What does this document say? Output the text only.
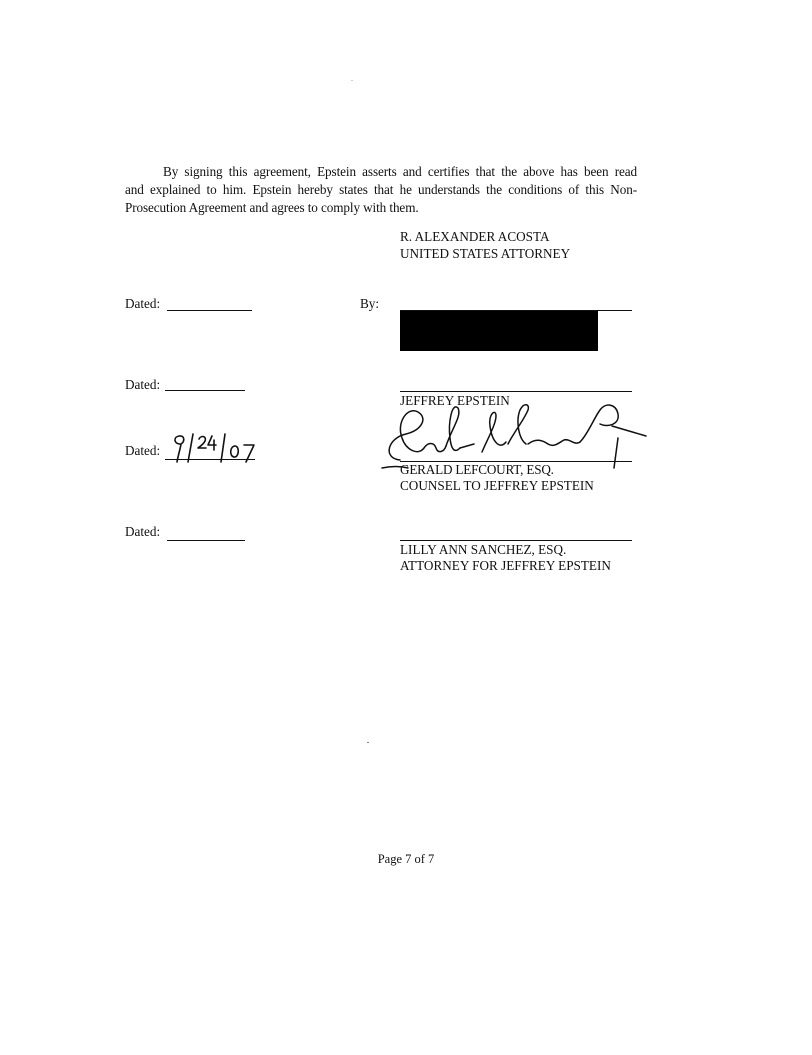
By signing this agreement, Epstein asserts and certifies that the above has been read
and explained to him. Epstein hereby states that he understands the conditions of this Non-
Prosecution Agreement and agrees to comply with them.
R. ALEXANDER ACOSTA
UNITED STATES ATTORNEY
Dated:	By:
Dated:
JEFFREY EPSTEIN
Dated:
GERALD LEFCOURT, ESQ.
COUNSEL TO JEFFREY EPSTEIN
Dated:
LILLY ANN SANCHEZ, ESQ.
ATTORNEY FOR JEFFREY EPSTEIN
Page 7 of 7
